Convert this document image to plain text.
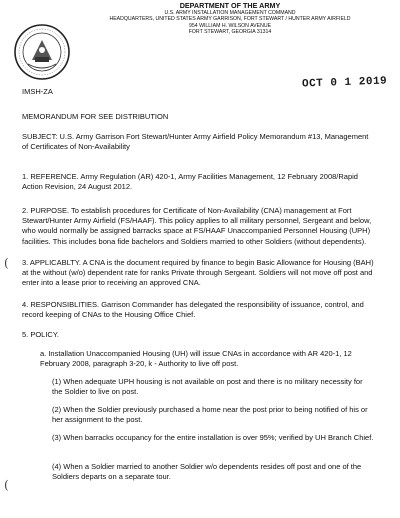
DEPARTMENT OF THE ARMY
U.S. ARMY INSTALLATION MANAGEMENT COMMAND
HEADQUARTERS, UNITED STATES ARMY GARRISON, FORT STEWART / HUNTER ARMY AIRFIELD
954 WILLIAM H. WILSON AVENUE
FORT STEWART, GEORGIA 31314
IMSH-ZA
OCT 0 1 2019
MEMORANDUM FOR SEE DISTRIBUTION
SUBJECT: U.S. Army Garrison Fort Stewart/Hunter Army Airfield Policy Memorandum #13, Management of Certificates of Non-Availability
1. REFERENCE. Army Regulation (AR) 420-1, Army Facilities Management, 12 February 2008/Rapid Action Revision, 24 August 2012.
2. PURPOSE. To establish procedures for Certificate of Non-Availability (CNA) management at Fort Stewart/Hunter Army Airfield (FS/HAAF). This policy applies to all military personnel, Sergeant and below, who would normally be assigned barracks space at FS/HAAF Unaccompanied Personnel Housing (UPH) facilities. This includes bona fide bachelors and Soldiers married to other Soldiers (without dependents).
3. APPLICABLTY. A CNA is the document required by finance to begin Basic Allowance for Housing (BAH) at the without (w/o) dependent rate for ranks Private through Sergeant. Soldiers will not move off post and enter into a lease prior to receiving an approved CNA.
4. RESPONSIBLITIES. Garrison Commander has delegated the responsibility of issuance, control, and record keeping of CNAs to the Housing Office Chief.
5. POLICY.
a. Installation Unaccompanied Housing (UH) will issue CNAs in accordance with AR 420-1, 12 February 2008, paragraph 3-20, k - Authority to live off post.
(1) When adequate UPH housing is not available on post and there is no military necessity for the Soldier to live on post.
(2) When the Soldier previously purchased a home near the post prior to being notified of his or her assignment to the post.
(3) When barracks occupancy for the entire installation is over 95%; verified by UH Branch Chief.
(4) When a Soldier married to another Soldier w/o dependents resides off post and one of the Soldiers departs on a separate tour.
(
(
